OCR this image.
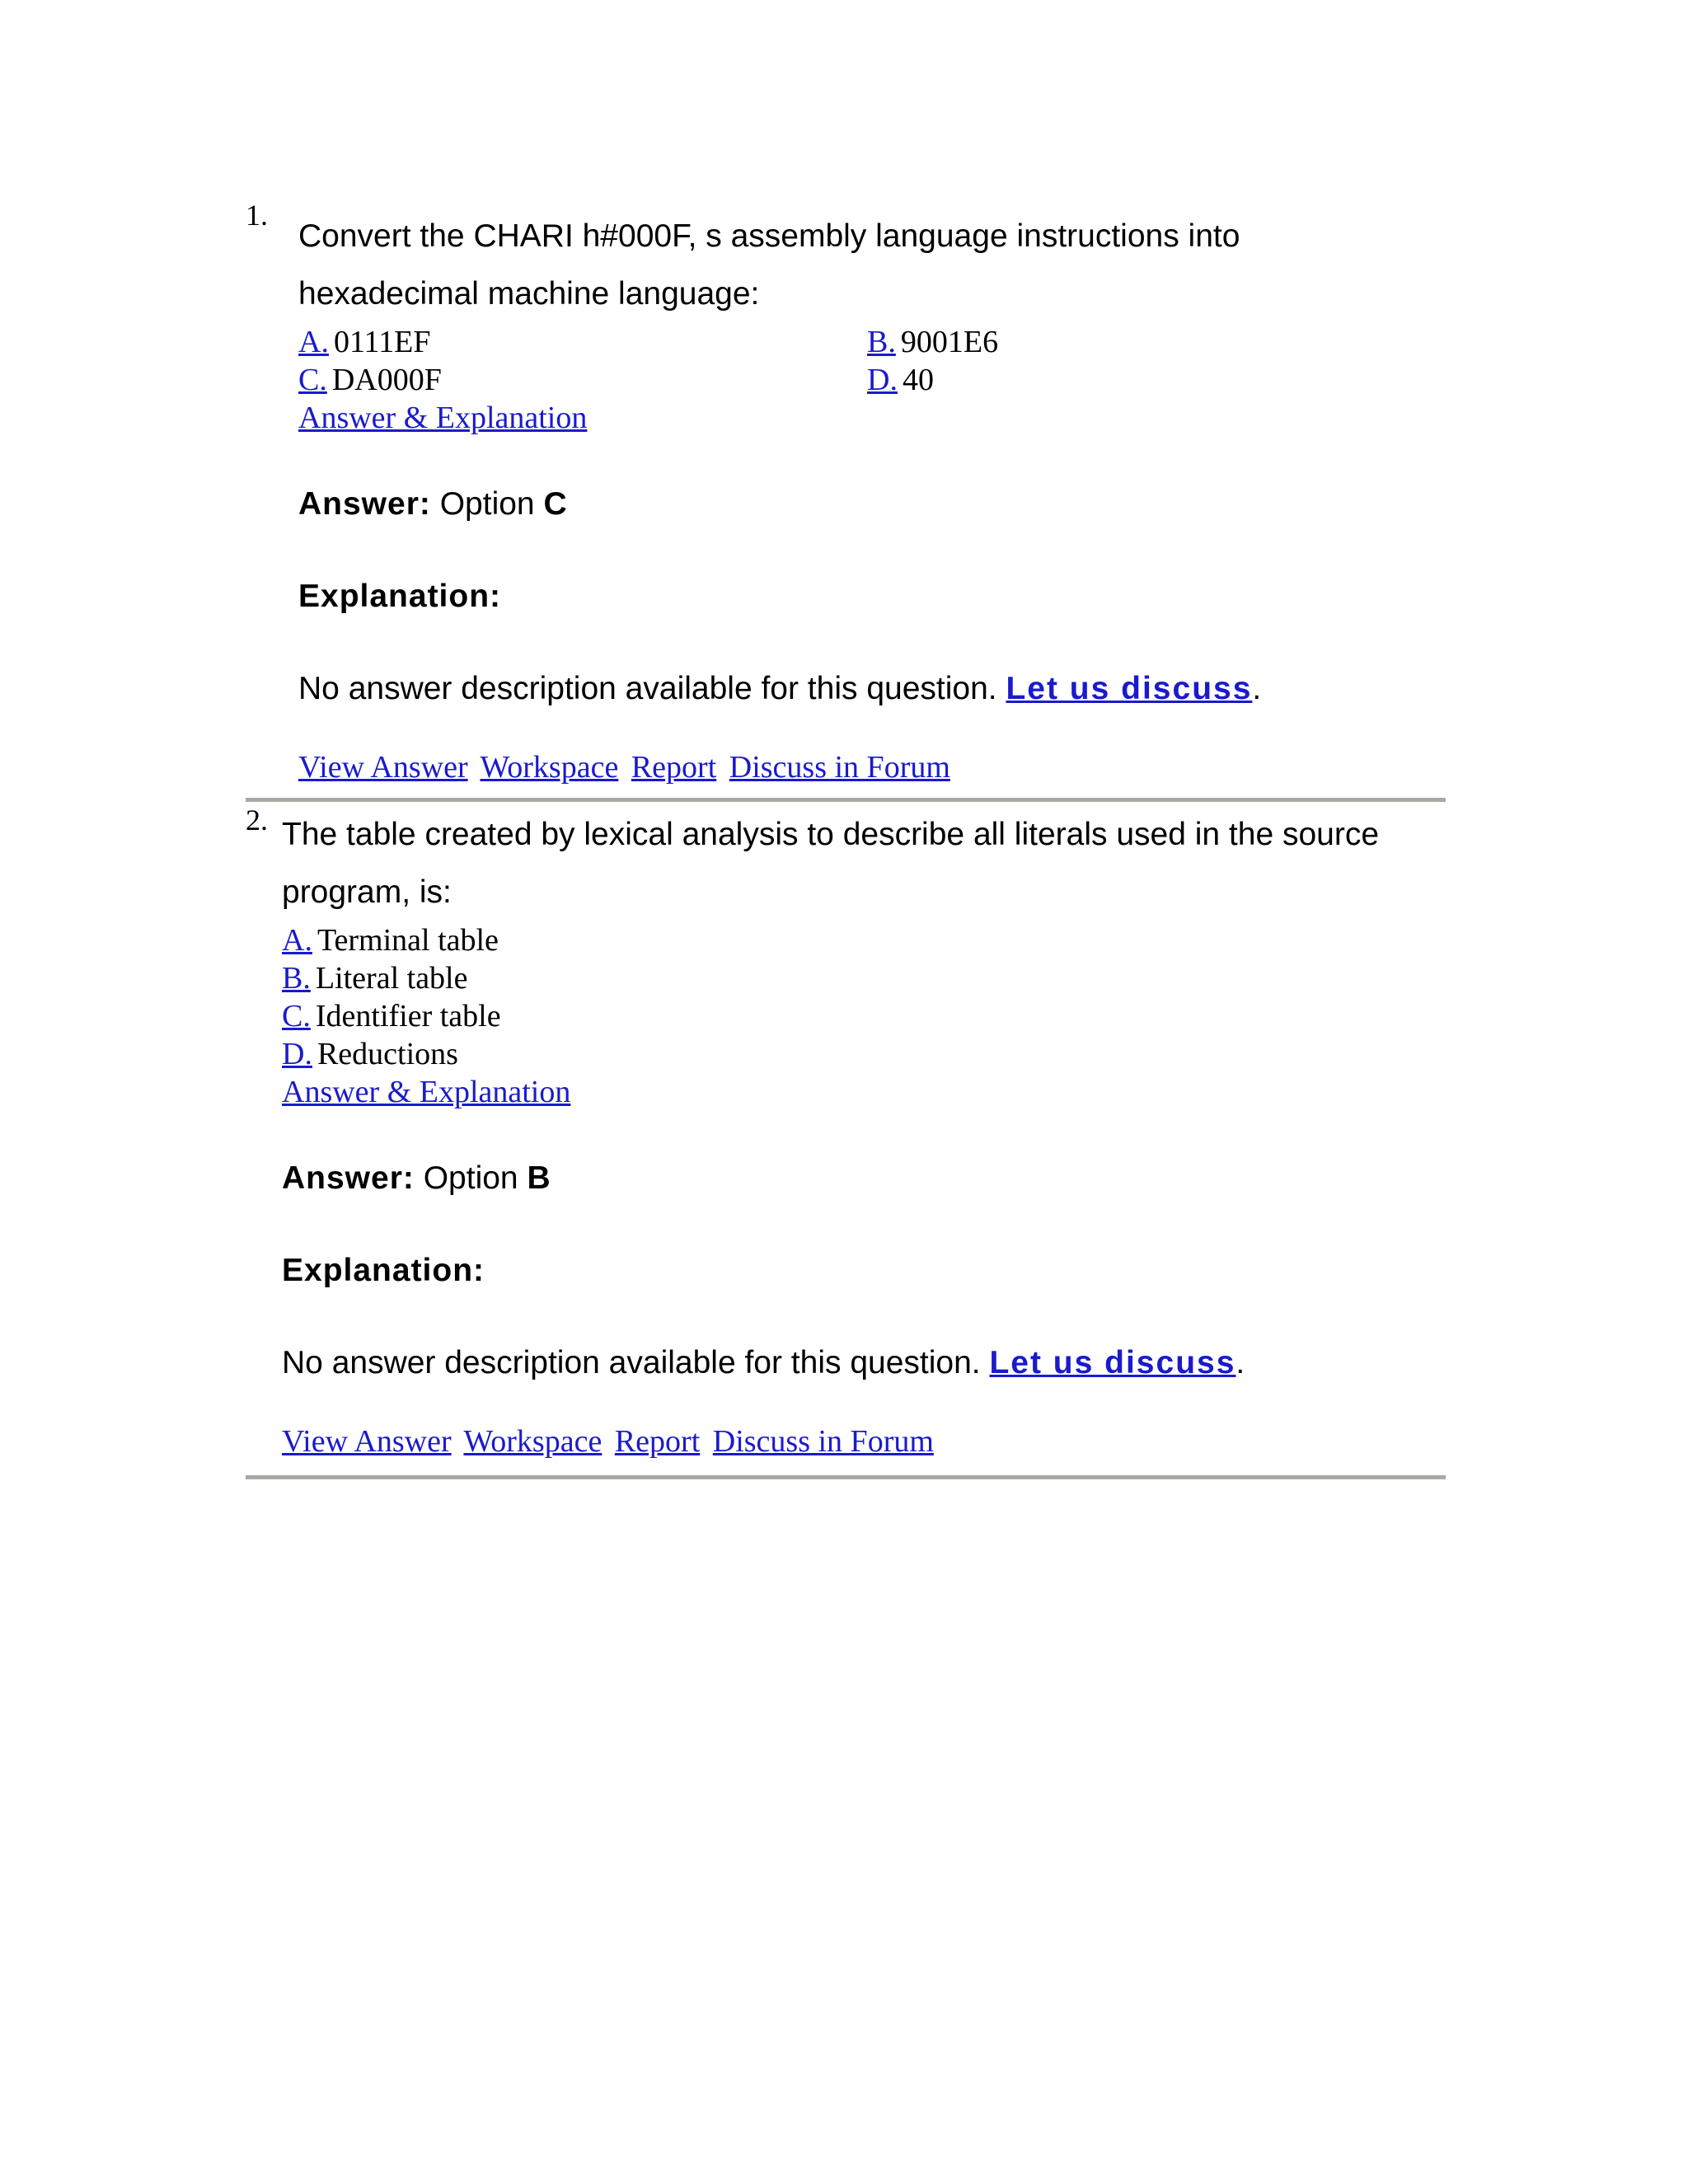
1.

Convert the CHARI h#000F, s assembly language instructions into hexadecimal machine language:

A. 0111EF	B. 9001E6
C. DA000F	D. 40
Answer & Explanation
Answer: Option C
Explanation:
No answer description available for this question. Let us discuss.
View Answer Workspace Report Discuss in Forum
2. The table created by lexical analysis to describe all literals used in the source program, is:

A. Terminal table
B. Literal table
C. Identifier table
D. Reductions
Answer & Explanation
Answer: Option B
Explanation:
No answer description available for this question. Let us discuss.
View Answer Workspace Report Discuss in Forum
